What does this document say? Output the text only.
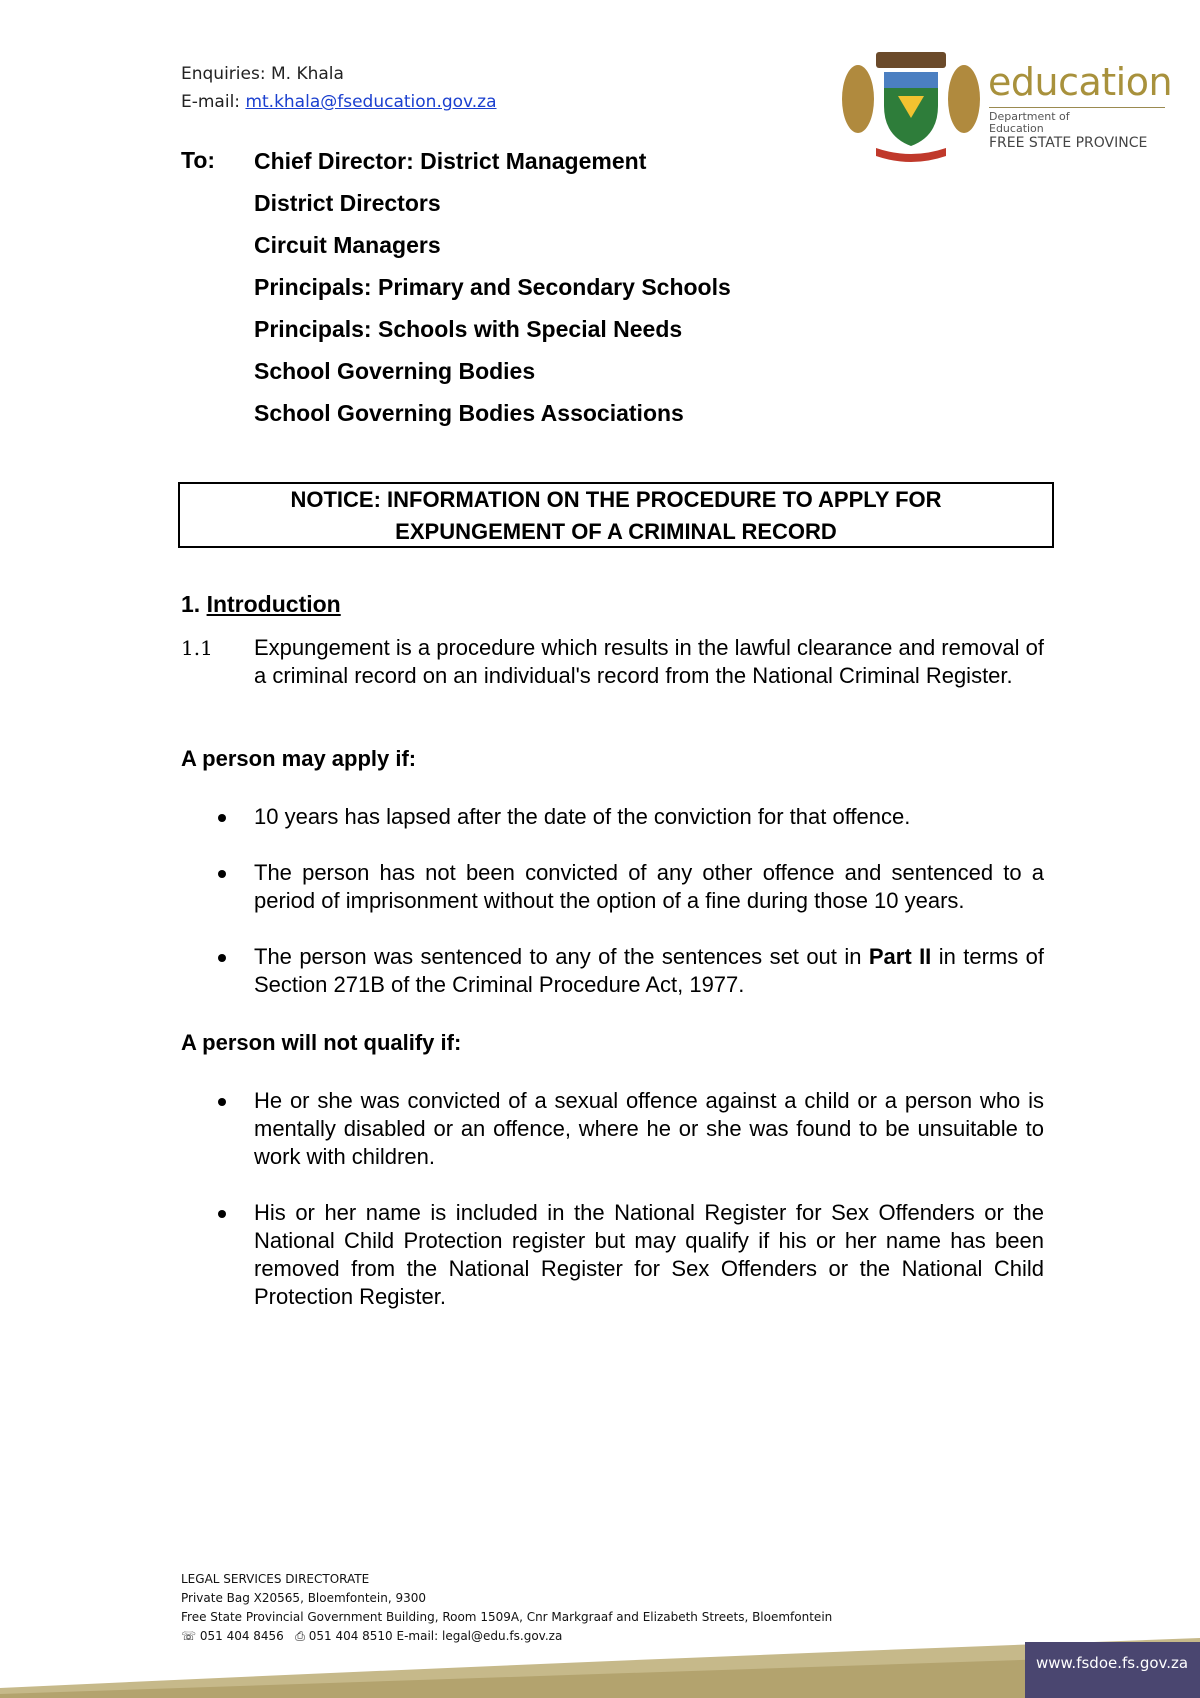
Enquiries: M. Khala
E-mail: mt.khala@fseducation.gov.za	education
Department of
Education
FREE STATE PROVINCE
To: Chief Director: District Management
District Directors
Circuit Managers
Principals: Primary and Secondary Schools
Principals: Schools with Special Needs
School Governing Bodies
School Governing Bodies Associations
NOTICE: INFORMATION ON THE PROCEDURE TO APPLY FOR
EXPUNGEMENT OF A CRIMINAL RECORD
1. Introduction
1.1 Expungement is a procedure which results in the lawful clearance and removal of a criminal record on an individual's record from the National Criminal Register.
A person may apply if:
10 years has lapsed after the date of the conviction for that offence.
The person has not been convicted of any other offence and sentenced to a period of imprisonment without the option of a fine during those 10 years.
The person was sentenced to any of the sentences set out in Part II in terms of Section 271B of the Criminal Procedure Act, 1977.
A person will not qualify if:
He or she was convicted of a sexual offence against a child or a person who is mentally disabled or an offence, where he or she was found to be unsuitable to work with children.
His or her name is included in the National Register for Sex Offenders or the National Child Protection register but may qualify if his or her name has been removed from the National Register for Sex Offenders or the National Child Protection Register.
LEGAL SERVICES DIRECTORATE
Private Bag X20565, Bloemfontein, 9300
Free State Provincial Government Building, Room 1509A, Cnr Markgraaf and Elizabeth Streets, Bloemfontein
☏ 051 404 8456 ⎙ 051 404 8510 E-mail: legal@edu.fs.gov.za
www.fsdoe.fs.gov.za
